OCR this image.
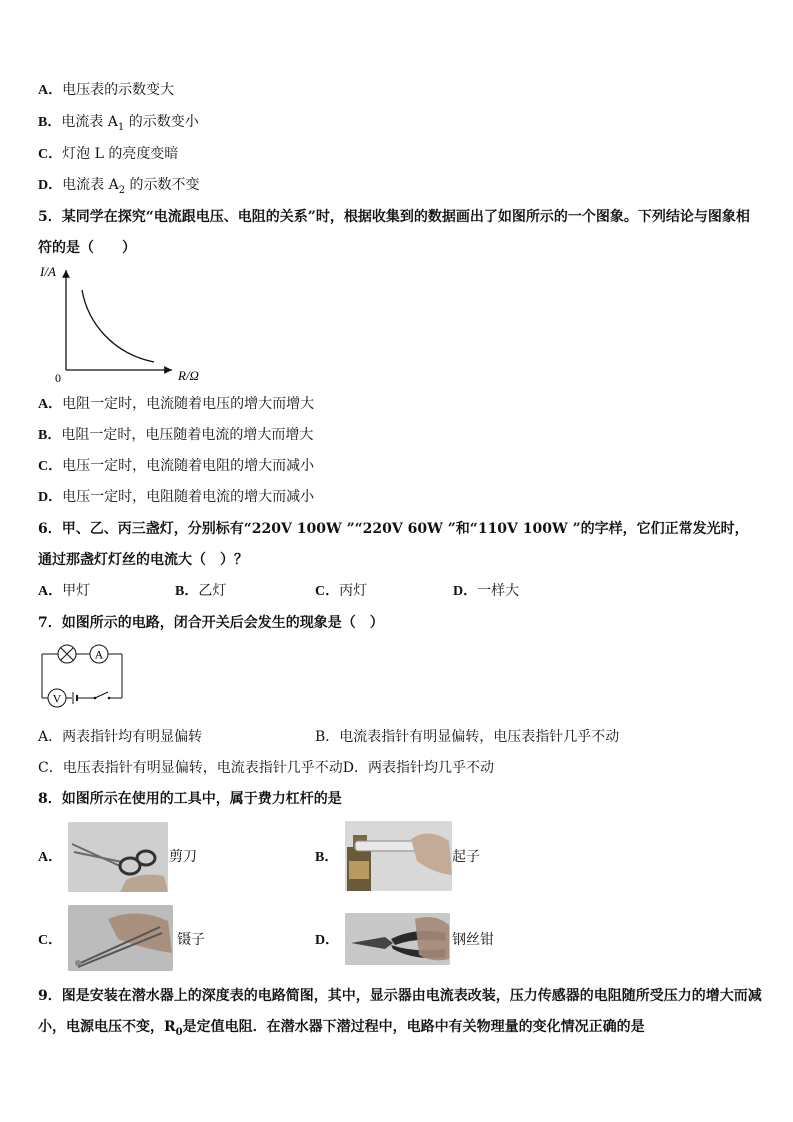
A．电压表的示数变大
B．电流表 $A_1$ 的示数变小
C．灯泡 L 的亮度变暗
D．电流表 $A_2$ 的示数不变
5．某同学在探究“电流跟电压、电阻的关系”时，根据收集到的数据画出了如图所示的一个图象。下列结论与图象相
符的是（　　）
I/A
R/Ω
0
A．电阻一定时，电流随着电压的增大而增大
B．电阻一定时，电压随着电流的增大而增大
C．电压一定时，电流随着电阻的增大而减小
D．电压一定时，电阻随着电流的增大而减小
6．甲、乙、丙三盏灯，分别标有“220V 100W ”“220V 60W ”和“110V 100W ”的字样，它们正常发光时，
通过那盏灯灯丝的电流大（　）？
A．甲灯	B．乙灯	C．丙灯	D．一样大
7．如图所示的电路，闭合开关后会发生的现象是（　）
A
V
A．两表指针均有明显偏转	B．电流表指针有明显偏转，电压表指针几乎不动
C．电压表指针有明显偏转，电流表指针几乎不动D．两表指针均几乎不动
8．如图所示在使用的工具中，属于费力杠杆的是
A．	剪刀	B．	起子
C．	镊子	D．	钢丝钳
9．图是安装在潜水器上的深度表的电路简图，其中，显示器由电流表改装，压力传感器的电阻随所受压力的增大而减
小，电源电压不变，$R_0$是定值电阻．在潜水器下潜过程中，电路中有关物理量的变化情况正确的是
